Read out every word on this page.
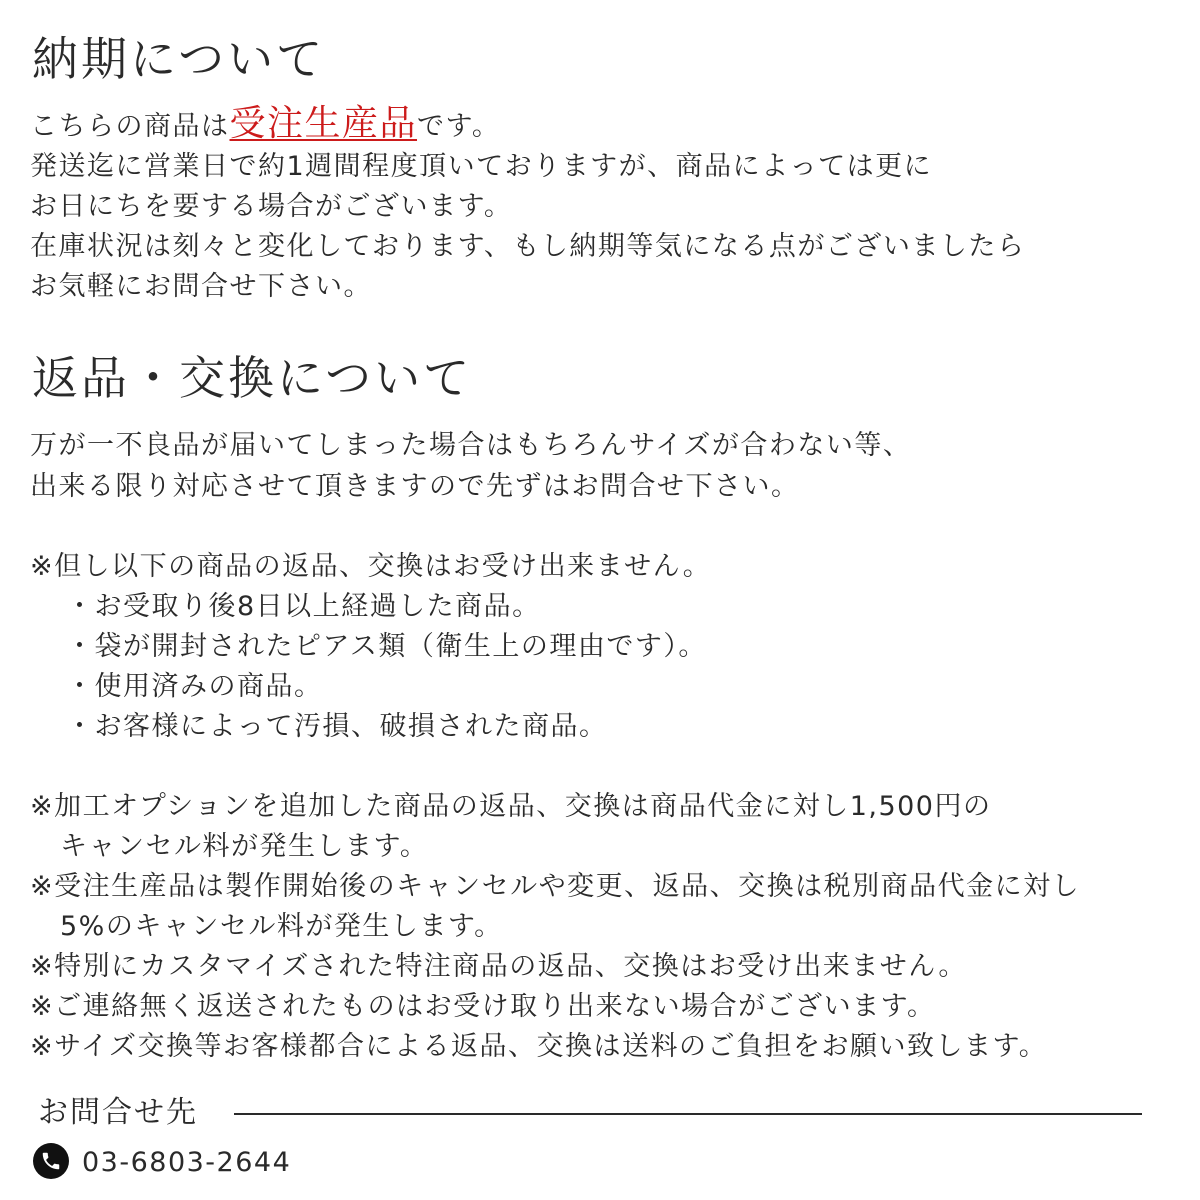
納期について

こちらの商品は受注生産品です。

発送迄に営業日で約1週間程度頂いておりますが、商品によっては更に

お日にちを要する場合がございます。

在庫状況は刻々と変化しております、もし納期等気になる点がございましたら

お気軽にお問合せ下さい。

返品・交換について

万が一不良品が届いてしまった場合はもちろんサイズが合わない等、

出来る限り対応させて頂きますので先ずはお問合せ下さい。

※但し以下の商品の返品、交換はお受け出来ません。

・お受取り後8日以上経過した商品。

・袋が開封されたピアス類（衛生上の理由です）。

・使用済みの商品。

・お客様によって汚損、破損された商品。

※加工オプションを追加した商品の返品、交換は商品代金に対し1,500円の

キャンセル料が発生します。

※受注生産品は製作開始後のキャンセルや変更、返品、交換は税別商品代金に対し

5%のキャンセル料が発生します。

※特別にカスタマイズされた特注商品の返品、交換はお受け出来ません。

※ご連絡無く返送されたものはお受け取り出来ない場合がございます。

※サイズ交換等お客様都合による返品、交換は送料のご負担をお願い致します。

お問合せ先
03-6803-2644
